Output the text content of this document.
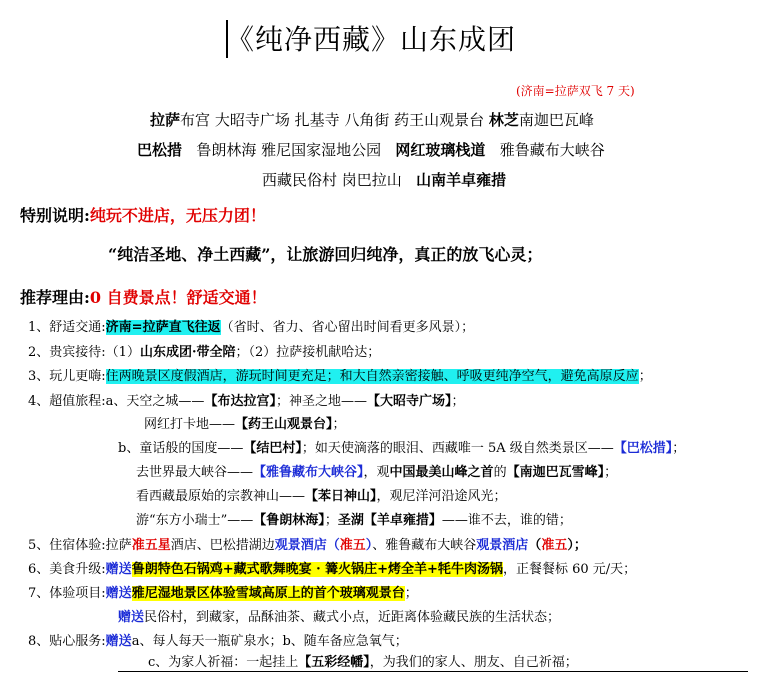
《纯净西藏》山东成团
(济南=拉萨双飞 7 天)
拉萨布宫 大昭寺广场 扎基寺 八角街 药王山观景台 林芝南迦巴瓦峰
巴松措 鲁朗林海 雅尼国家湿地公园 网红玻璃栈道 雅鲁藏布大峡谷
西藏民俗村 岗巴拉山 山南羊卓雍措
特别说明:纯玩不进店，无压力团！
“纯洁圣地、净土西藏”，让旅游回归纯净，真正的放飞心灵；
推荐理由:0 自费景点！舒适交通！
1、舒适交通:济南=拉萨直飞往返（省时、省力、省心留出时间看更多风景）；
2、贵宾接待:（1）山东成团·带全陪；（2）拉萨接机献哈达；
3、玩儿更嗨:住两晚景区度假酒店，游玩时间更充足；和大自然亲密接触、呼吸更纯净空气，避免高原反应；
4、超值旅程:a、天空之城——【布达拉宫】；神圣之地——【大昭寺广场】；
网红打卡地——【药王山观景台】；
b、童话般的国度——【结巴村】；如天使滴落的眼泪、西藏唯一 5A 级自然类景区——【巴松措】；
去世界最大峡谷——【雅鲁藏布大峡谷】，观中国最美山峰之首的【南迦巴瓦雪峰】；
看西藏最原始的宗教神山——【苯日神山】，观尼洋河沿途风光；
游“东方小瑞士”——【鲁朗林海】；圣湖【羊卓雍措】——谁不去，谁的错；
5、住宿体验:拉萨准五星酒店、巴松措湖边观景酒店（准五）、雅鲁藏布大峡谷观景酒店（准五）；
6、美食升级:赠送鲁朗特色石锅鸡+藏式歌舞晚宴 · 篝火锅庄+烤全羊+牦牛肉汤锅，正餐餐标 60 元/天；
7、体验项目:赠送雅尼湿地景区体验雪域高原上的首个玻璃观景台；
赠送民俗村，到藏家，品酥油茶、藏式小点，近距离体验藏民族的生活状态；
8、贴心服务:赠送a、每人每天一瓶矿泉水；b、随车备应急氧气；
c、为家人祈福：一起挂上【五彩经幡】，为我们的家人、朋友、自己祈福；
